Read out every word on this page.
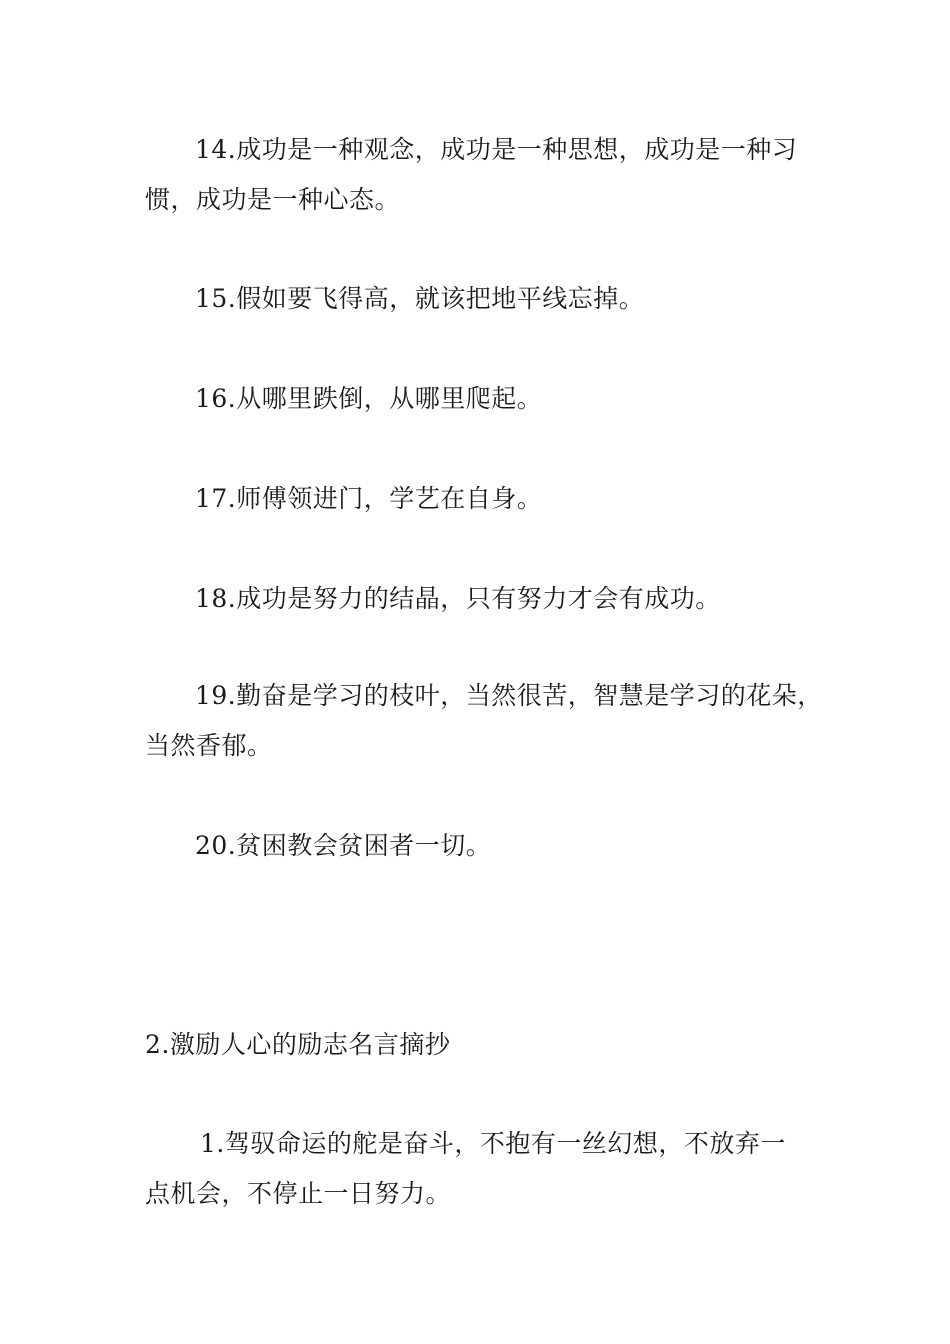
14.成功是一种观念，成功是一种思想，成功是一种习
惯，成功是一种心态。
15.假如要飞得高，就该把地平线忘掉。
16.从哪里跌倒，从哪里爬起。
17.师傅领进门，学艺在自身。
18.成功是努力的结晶，只有努力才会有成功。
19.勤奋是学习的枝叶，当然很苦，智慧是学习的花朵，
当然香郁。
20.贫困教会贫困者一切。
2.激励人心的励志名言摘抄
1.驾驭命运的舵是奋斗，不抱有一丝幻想，不放弃一
点机会，不停止一日努力。
